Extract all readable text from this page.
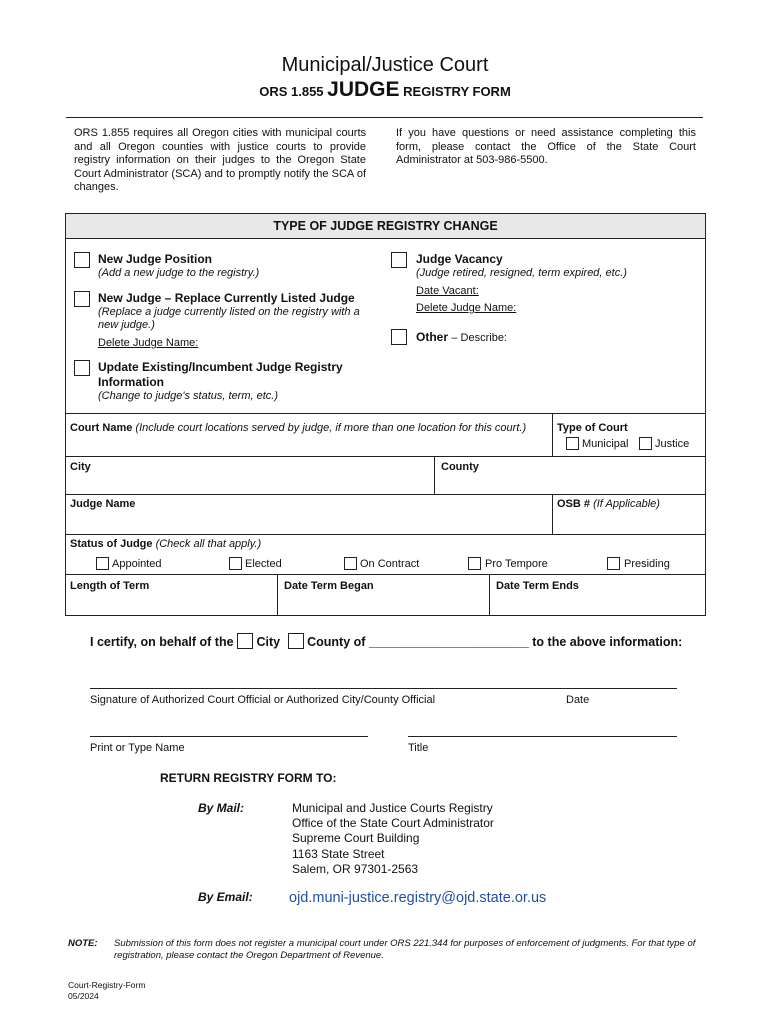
Municipal/Justice Court
ORS 1.855 JUDGE REGISTRY FORM
ORS 1.855 requires all Oregon cities with municipal courts and all Oregon counties with justice courts to provide registry information on their judges to the Oregon State Court Administrator (SCA) and to promptly notify the SCA of changes.
If you have questions or need assistance completing this form, please contact the Office of the State Court Administrator at 503-986-5500.
TYPE OF JUDGE REGISTRY CHANGE
New Judge Position
(Add a new judge to the registry.)
New Judge – Replace Currently Listed Judge
(Replace a judge currently listed on the registry with a new judge.)
Delete Judge Name:
Update Existing/Incumbent Judge Registry Information
(Change to judge's status, term, etc.)
Judge Vacancy
(Judge retired, resigned, term expired, etc.)
Date Vacant:
Delete Judge Name:
Other – Describe:
Court Name (Include court locations served by judge, if more than one location for this court.)	Type of Court
Municipal Justice
City	County
Judge Name	OSB # (If Applicable)
Status of Judge (Check all that apply.)
Appointed	Elected	On Contract	Pro Tempore	Presiding
Length of Term	Date Term Began	Date Term Ends
I certify, on behalf of the City County of _______________________ to the above information:
Signature of Authorized Court Official or Authorized City/County Official	Date
Print or Type Name	Title
RETURN REGISTRY FORM TO:
By Mail:	Municipal and Justice Courts Registry
Office of the State Court Administrator
Supreme Court Building
1163 State Street
Salem, OR 97301-2563
By Email:	ojd.muni-justice.registry@ojd.state.or.us
NOTE: Submission of this form does not register a municipal court under ORS 221.344 for purposes of enforcement of judgments. For that type of registration, please contact the Oregon Department of Revenue.
Court-Registry-Form
05/2024
